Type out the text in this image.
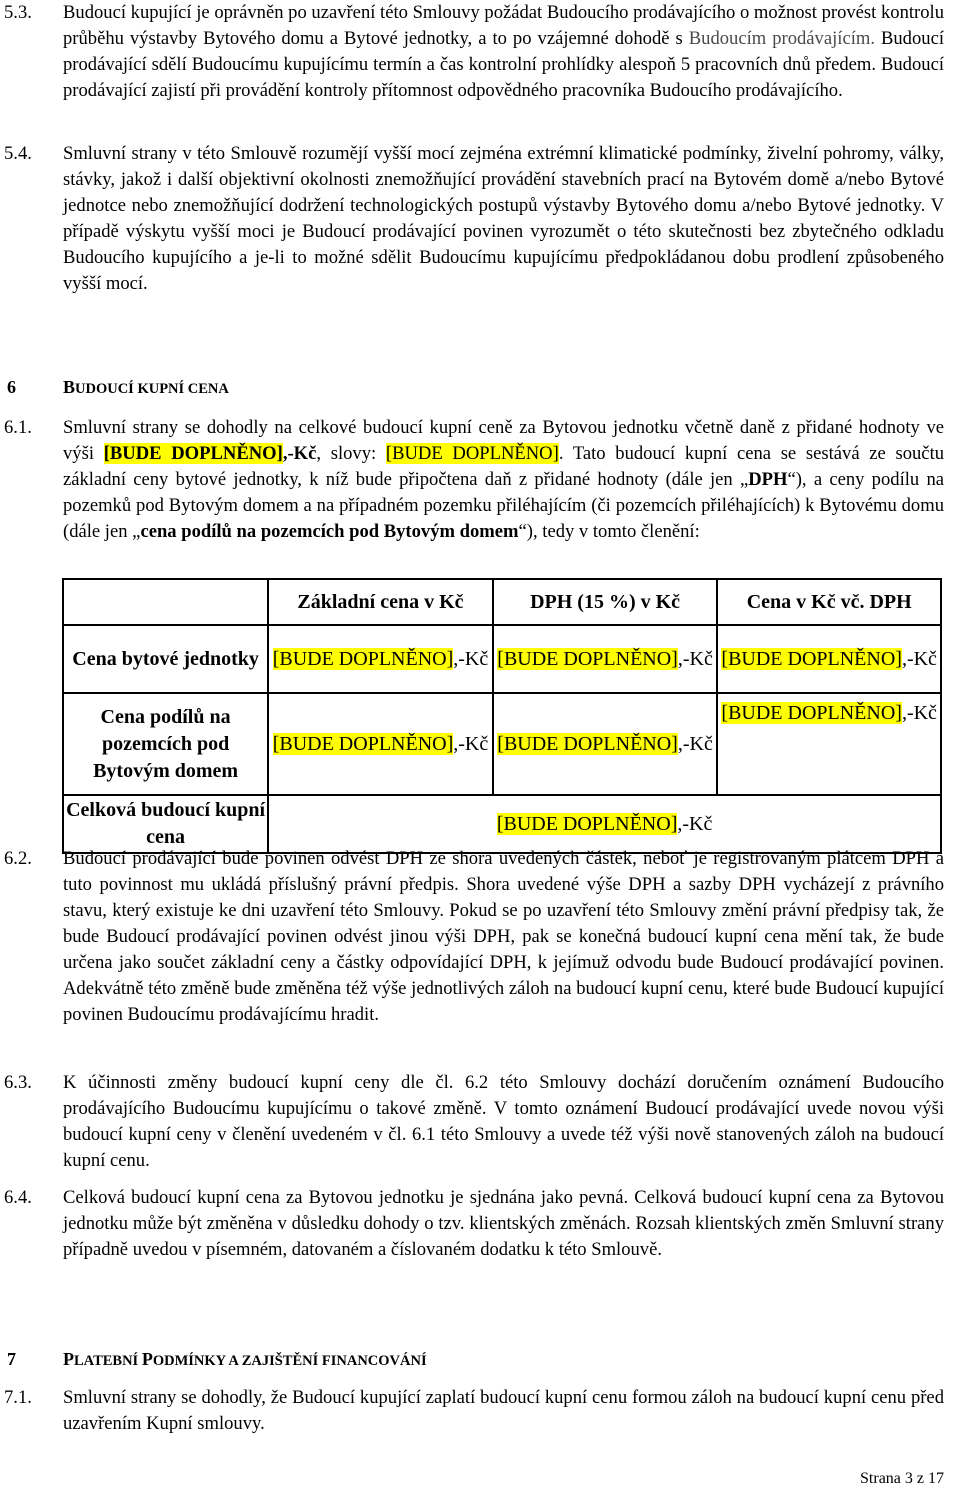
5.3.	Budoucí kupující je oprávněn po uzavření této Smlouvy požádat Budoucího prodávajícího o možnost provést kontrolu průběhu výstavby Bytového domu a Bytové jednotky, a to po vzájemné dohodě s Budoucím prodávajícím. Budoucí prodávající sdělí Budoucímu kupujícímu termín a čas kontrolní prohlídky alespoň 5 pracovních dnů předem. Budoucí prodávající zajistí při provádění kontroly přítomnost odpovědného pracovníka Budoucího prodávajícího.
5.4.	Smluvní strany v této Smlouvě rozumějí vyšší mocí zejména extrémní klimatické podmínky, živelní pohromy, války, stávky, jakož i další objektivní okolnosti znemožňující provádění stavebních prací na Bytovém domě a/nebo Bytové jednotce nebo znemožňující dodržení technologických postupů výstavby Bytového domu a/nebo Bytové jednotky. V případě výskytu vyšší moci je Budoucí prodávající povinen vyrozumět o této skutečnosti bez zbytečného odkladu Budoucího kupujícího a je-li to možné sdělit Budoucímu kupujícímu předpokládanou dobu prodlení způsobeného vyšší mocí.
6	BUDOUCÍ KUPNÍ CENA
6.1.	Smluvní strany se dohodly na celkové budoucí kupní ceně za Bytovou jednotku včetně daně z přidané hodnoty ve výši [BUDE DOPLNĚNO],-Kč, slovy: [BUDE DOPLNĚNO]. Tato budoucí kupní cena se sestává ze součtu základní ceny bytové jednotky, k níž bude připočtena daň z přidané hodnoty (dále jen „DPH“), a ceny podílu na pozemků pod Bytovým domem a na případném pozemku přiléhajícím (či pozemcích přiléhajících) k Bytovému domu (dále jen „cena podílů na pozemcích pod Bytovým domem“), tedy v tomto členění:
	Základní cena v Kč	DPH (15 %) v Kč	Cena v Kč vč. DPH
Cena bytové jednotky	[BUDE DOPLNĚNO],-Kč	[BUDE DOPLNĚNO],-Kč	[BUDE DOPLNĚNO],-Kč
Cena podílů na pozemcích pod Bytovým domem	[BUDE DOPLNĚNO],-Kč	[BUDE DOPLNĚNO],-Kč	[BUDE DOPLNĚNO],-Kč
Celková budoucí kupní cena	[BUDE DOPLNĚNO],-Kč		
6.2.	Budoucí prodávající bude povinen odvést DPH ze shora uvedených částek, neboť je registrovaným plátcem DPH a tuto povinnost mu ukládá příslušný právní předpis. Shora uvedené výše DPH a sazby DPH vycházejí z právního stavu, který existuje ke dni uzavření této Smlouvy. Pokud se po uzavření této Smlouvy změní právní předpisy tak, že bude Budoucí prodávající povinen odvést jinou výši DPH, pak se konečná budoucí kupní cena mění tak, že bude určena jako součet základní ceny a částky odpovídající DPH, k jejímuž odvodu bude Budoucí prodávající povinen. Adekvátně této změně bude změněna též výše jednotlivých záloh na budoucí kupní cenu, které bude Budoucí kupující povinen Budoucímu prodávajícímu hradit.
6.3.	K účinnosti změny budoucí kupní ceny dle čl. 6.2 této Smlouvy dochází doručením oznámení Budoucího prodávajícího Budoucímu kupujícímu o takové změně. V tomto oznámení Budoucí prodávající uvede novou výši budoucí kupní ceny v členění uvedeném v čl. 6.1 této Smlouvy a uvede též výši nově stanovených záloh na budoucí kupní cenu.
6.4.	Celková budoucí kupní cena za Bytovou jednotku je sjednána jako pevná. Celková budoucí kupní cena za Bytovou jednotku může být změněna v důsledku dohody o tzv. klientských změnách. Rozsah klientských změn Smluvní strany případně uvedou v písemném, datovaném a číslovaném dodatku k této Smlouvě.
7	PLATEBNÍ PODMÍNKY A ZAJIŠTĚNÍ FINANCOVÁNÍ
7.1.	Smluvní strany se dohodly, že Budoucí kupující zaplatí budoucí kupní cenu formou záloh na budoucí kupní cenu před uzavřením Kupní smlouvy.
Strana 3 z 17
